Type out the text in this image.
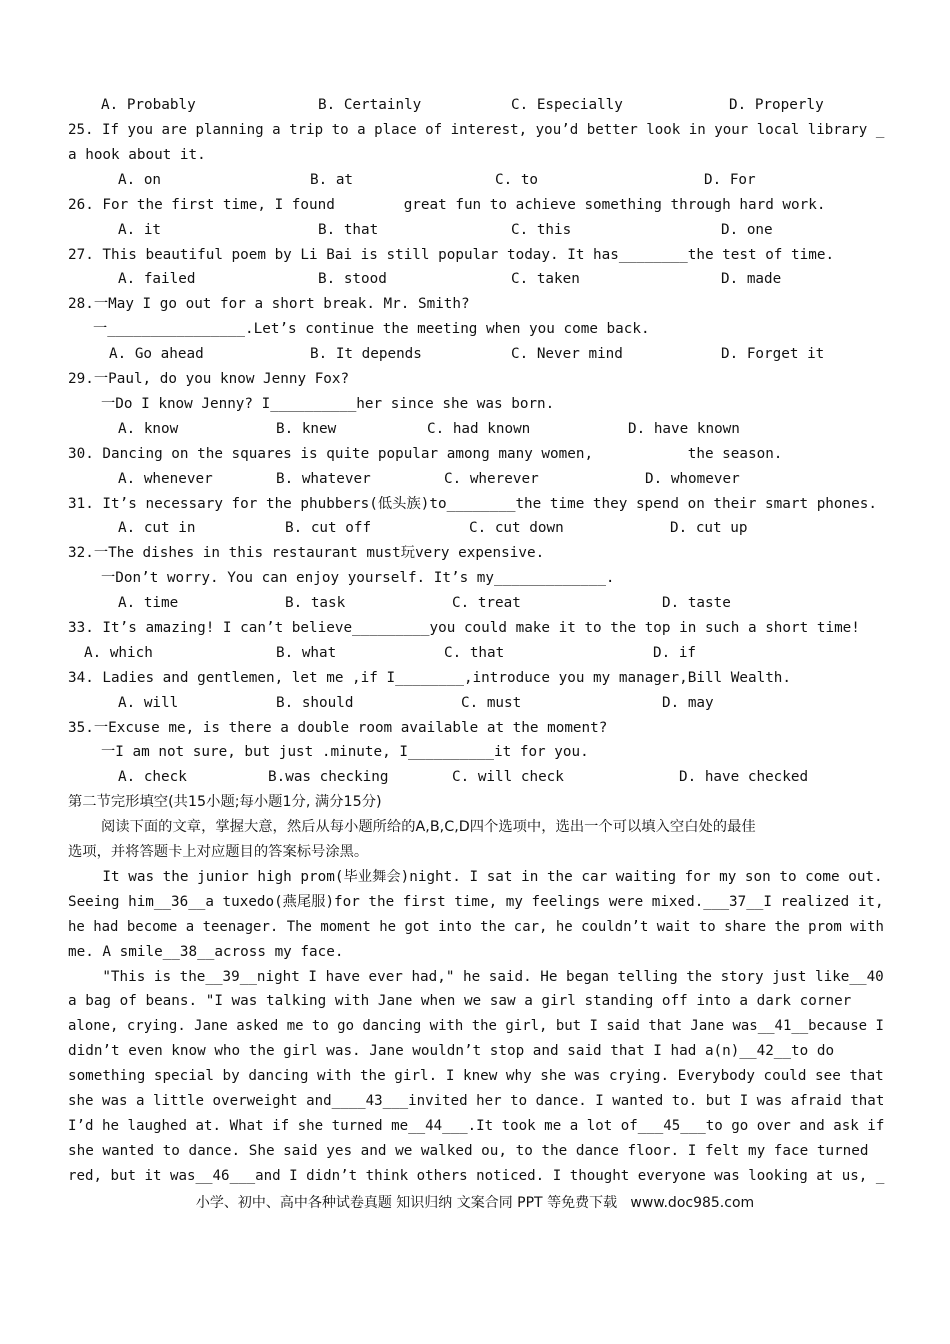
A. Probably	B. Certainly	C. Especially	D. Properly
25. If you are planning a trip to a place of interest, you’d better look in your local library _
a hook about it.
A. on	B. at	C. to	D. For
26. For the first time, I found        great fun to achieve something through hard work.
A. it	B. that	C. this	D. one
27. This beautiful poem by Li Bai is still popular today. It has________the test of time.
A. failed	B. stood	C. taken	D. made
28.一May I go out for a short break. Mr. Smith?
一________________.Let’s continue the meeting when you come back.
A. Go ahead	B. It depends	C. Never mind	D. Forget it
29.一Paul, do you know Jenny Fox?
一Do I know Jenny? I__________her since she was born.
A. know	B. knew	C. had known	D. have known
30. Dancing on the squares is quite popular among many women,           the season.
A. whenever	B. whatever	C. wherever	D. whomever
31. It’s necessary for the phubbers(低头族)to________the time they spend on their smart phones.
A. cut in	B. cut off	C. cut down	D. cut up
32.一The dishes in this restaurant must玩very expensive.
一Don’t worry. You can enjoy yourself. It’s my_____________.
A. time	B. task	C. treat	D. taste
33. It’s amazing! I can’t believe_________you could make it to the top in such a short time!
A. which	B. what	C. that	D. if
34. Ladies and gentlemen, let me ,if I________,introduce you my manager,Bill Wealth.
A. will	B. should	C. must	D. may
35.一Excuse me, is there a double room available at the moment?
一I am not sure, but just .minute, I__________it for you.
A. check	B.was checking	C. will check	D. have checked
第二节完形填空(共15小题;每小题1分, 满分15分)
阅读下面的文章，掌握大意，然后从每小题所给的A,B,C,D四个选项中，选出一个可以填入空白处的最佳
选项，并将答题卡上对应题目的答案标号涂黑。
It was the junior high prom(毕业舞会)night. I sat in the car waiting for my son to come out.
Seeing him__36__a tuxedo(燕尾服)for the first time, my feelings were mixed.___37__I realized it,
he had become a teenager. The moment he got into the car, he couldn’t wait to share the prom with
me. A smile__38__across my face.
"This is the__39__night I have ever had," he said. He began telling the story just like__40
a bag of beans. "I was talking with Jane when we saw a girl standing off into a dark corner
alone, crying. Jane asked me to go dancing with the girl, but I said that Jane was__41__because I
didn’t even know who the girl was. Jane wouldn’t stop and said that I had a(n)__42__to do
something special by dancing with the girl. I knew why she was crying. Everybody could see that
she was a little overweight and____43___invited her to dance. I wanted to. but I was afraid that
I’d he laughed at. What if she turned me__44___.It took me a lot of___45___to go over and ask if
she wanted to dance. She said yes and we walked ou, to the dance floor. I felt my face turned
red, but it was__46___and I didn’t think others noticed. I thought everyone was looking at us, _
小学、初中、高中各种试卷真题 知识归纳 文案合同 PPT 等免费下载   www.doc985.com
